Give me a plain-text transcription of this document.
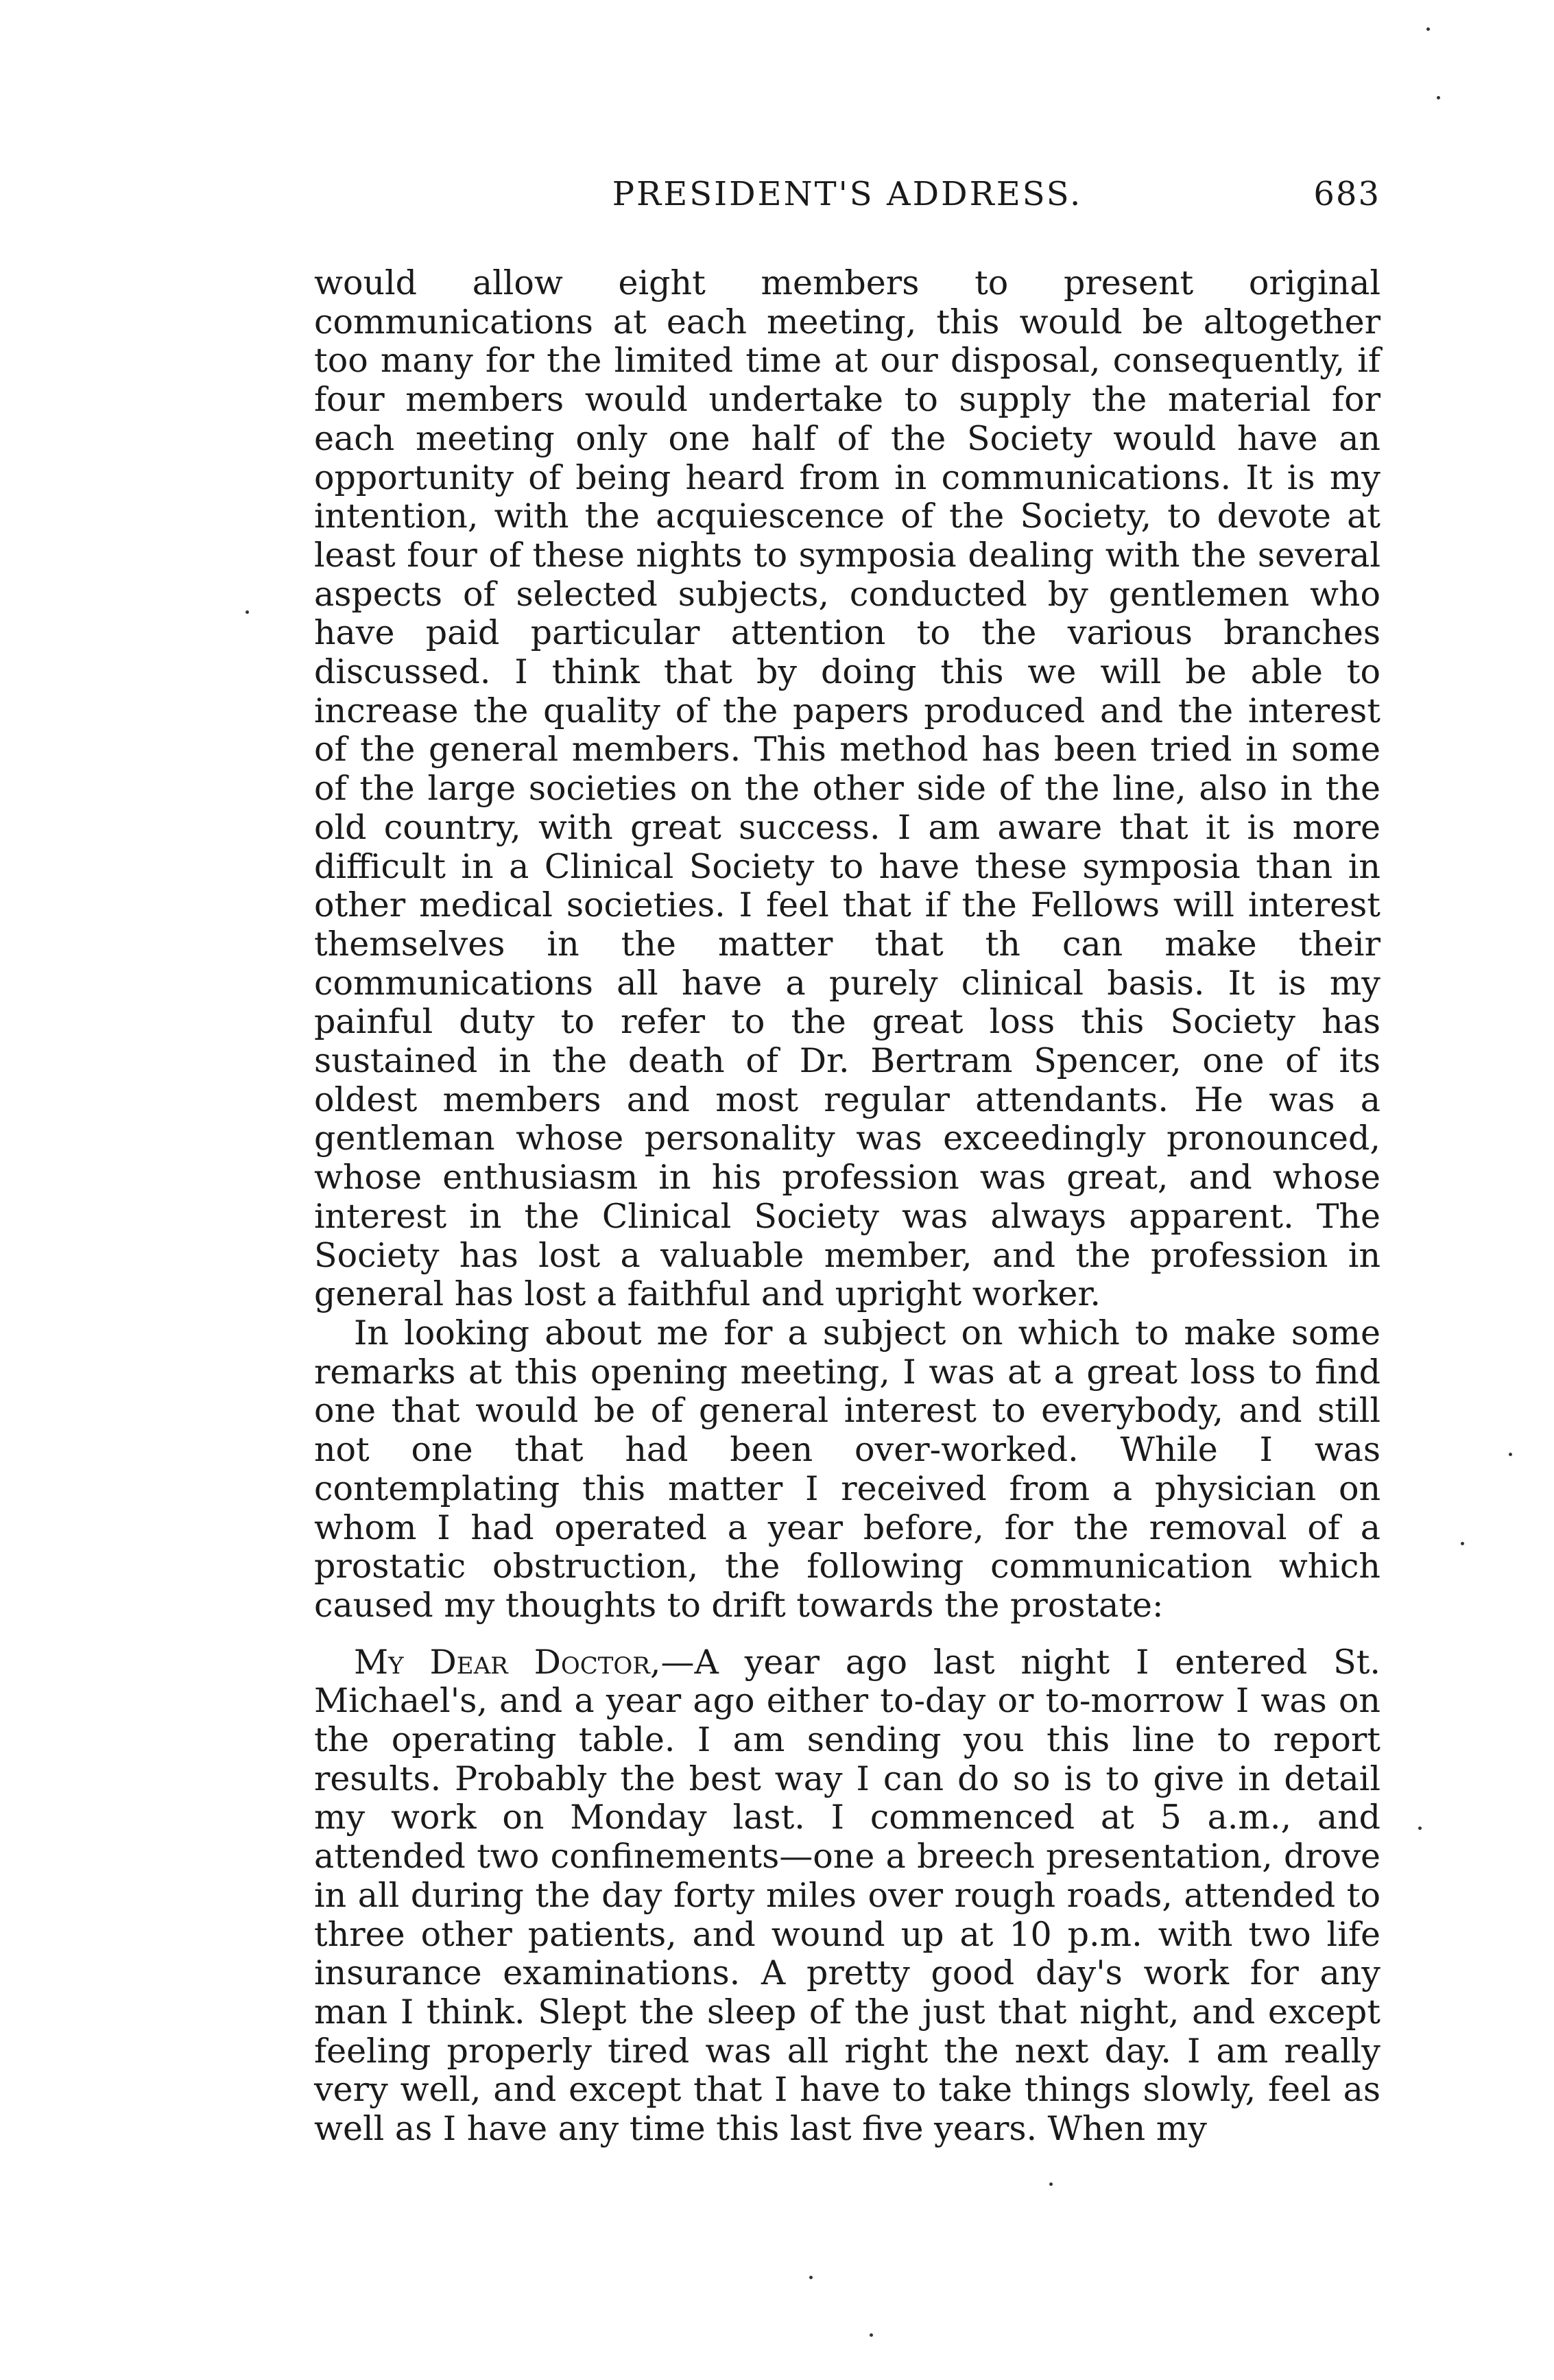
PRESIDENT'S ADDRESS.	683

would allow eight members to present original communications at each meeting, this would be altogether too many for the limited time at our disposal, consequently, if four members would undertake to supply the material for each meeting only one half of the Society would have an opportunity of being heard from in communications. It is my intention, with the acquiescence of the Society, to devote at least four of these nights to symposia dealing with the several aspects of selected subjects, conducted by gentlemen who have paid particular attention to the various branches discussed. I think that by doing this we will be able to increase the quality of the papers produced and the interest of the general members. This method has been tried in some of the large societies on the other side of the line, also in the old country, with great success. I am aware that it is more difficult in a Clinical Society to have these symposia than in other medical societies. I feel that if the Fellows will interest themselves in the matter that th can make their communications all have a purely clinical basis. It is my painful duty to refer to the great loss this Society has sustained in the death of Dr. Bertram Spencer, one of its oldest members and most regular attendants. He was a gentleman whose personality was exceedingly pronounced, whose enthusiasm in his profession was great, and whose interest in the Clinical Society was always apparent. The Society has lost a valuable member, and the profession in general has lost a faithful and upright worker.

In looking about me for a subject on which to make some remarks at this opening meeting, I was at a great loss to find one that would be of general interest to everybody, and still not one that had been over-worked. While I was contemplating this matter I received from a physician on whom I had operated a year before, for the removal of a prostatic obstruction, the following communication which caused my thoughts to drift towards the prostate:

My Dear Doctor,—A year ago last night I entered St. Michael's, and a year ago either to-day or to-morrow I was on the operating table. I am sending you this line to report results. Probably the best way I can do so is to give in detail my work on Monday last. I commenced at 5 a.m., and attended two confinements—one a breech presentation, drove in all during the day forty miles over rough roads, attended to three other patients, and wound up at 10 p.m. with two life insurance examinations. A pretty good day's work for any man I think. Slept the sleep of the just that night, and except feeling properly tired was all right the next day. I am really very well, and except that I have to take things slowly, feel as well as I have any time this last five years. When my
